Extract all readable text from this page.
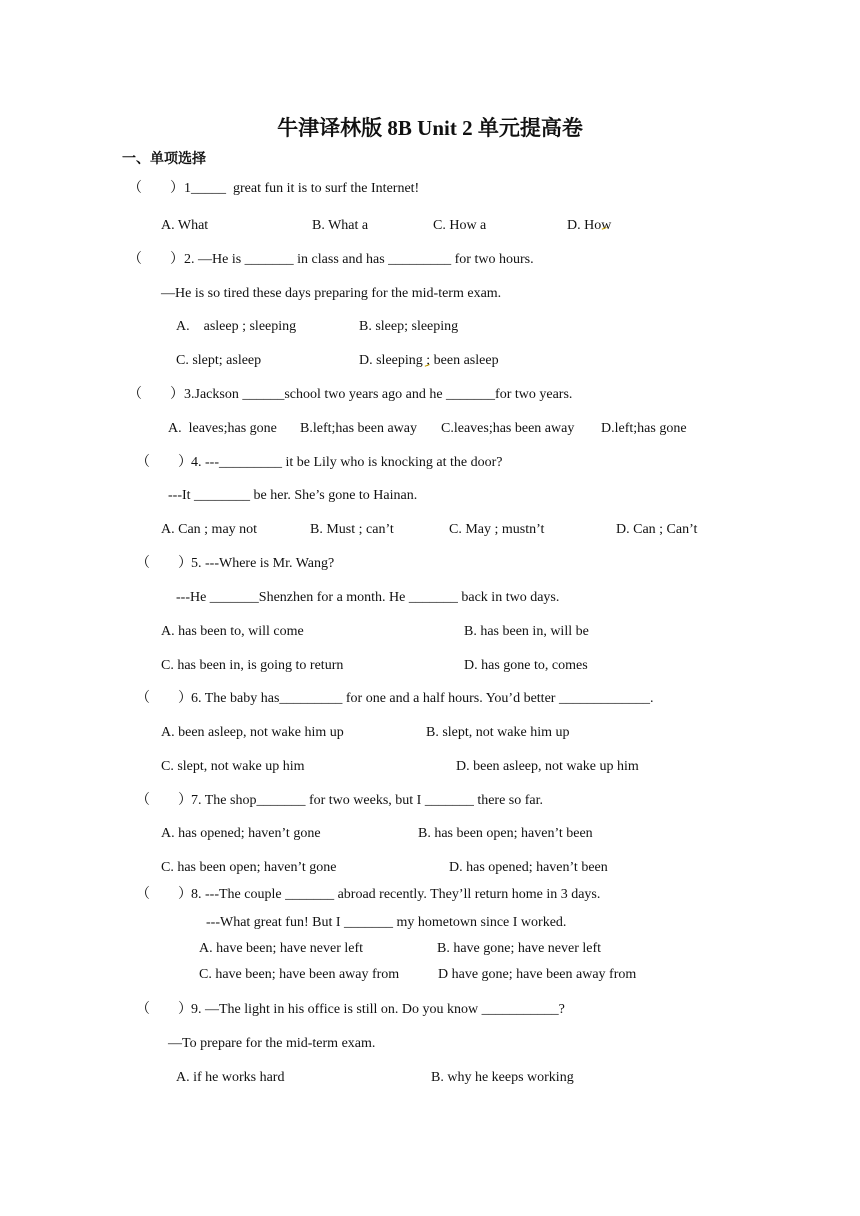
牛津译林版 8B Unit 2 单元提高卷
一、单项选择
（　　） 1_____  great fun it is to surf the Internet!
A. What	B. What a	C. How a	D. How
（　　） 2. —He is _______ in class and has _________ for two hours.
—He is so tired these days preparing for the mid-term exam.
A.    asleep ; sleeping	B. sleep; sleeping
C. slept; asleep	D. sleeping ; been asleep
（　　） 3.Jackson ______school two years ago and he _______for two years.
A.  leaves;has gone B.left;has been away C.leaves;has been away D.left;has gone
（　　） 4. ---_________ it be Lily who is knocking at the door?
---It ________ be her. She’s gone to Hainan.
A. Can ; may not	B. Must ; can’t	C. May ; mustn’t	D. Can ; Can’t
（　　） 5. ---Where is Mr. Wang?
---He _______Shenzhen for a month. He _______ back in two days.
A. has been to, will come	B. has been in, will be
C. has been in, is going to return	D. has gone to, comes
（　　） 6. The baby has_________ for one and a half hours. You’d better _____________.
A. been asleep, not wake him up	B. slept, not wake him up
C. slept, not wake up him	D. been asleep, not wake up him
（　　） 7. The shop_______ for two weeks, but I _______ there so far.
A. has opened; haven’t gone	B. has been open; haven’t been
C. has been open; haven’t gone	D. has opened; haven’t been
（　　） 8. ---The couple _______ abroad recently. They’ll return home in 3 days.
---What great fun! But I _______ my hometown since I worked.
A. have been; have never left	B. have gone; have never left
C. have been; have been away from	D have gone; have been away from
（　　） 9. —The light in his office is still on. Do you know ___________?
—To prepare for the mid-term exam.
A. if he works hard	B. why he keeps working
